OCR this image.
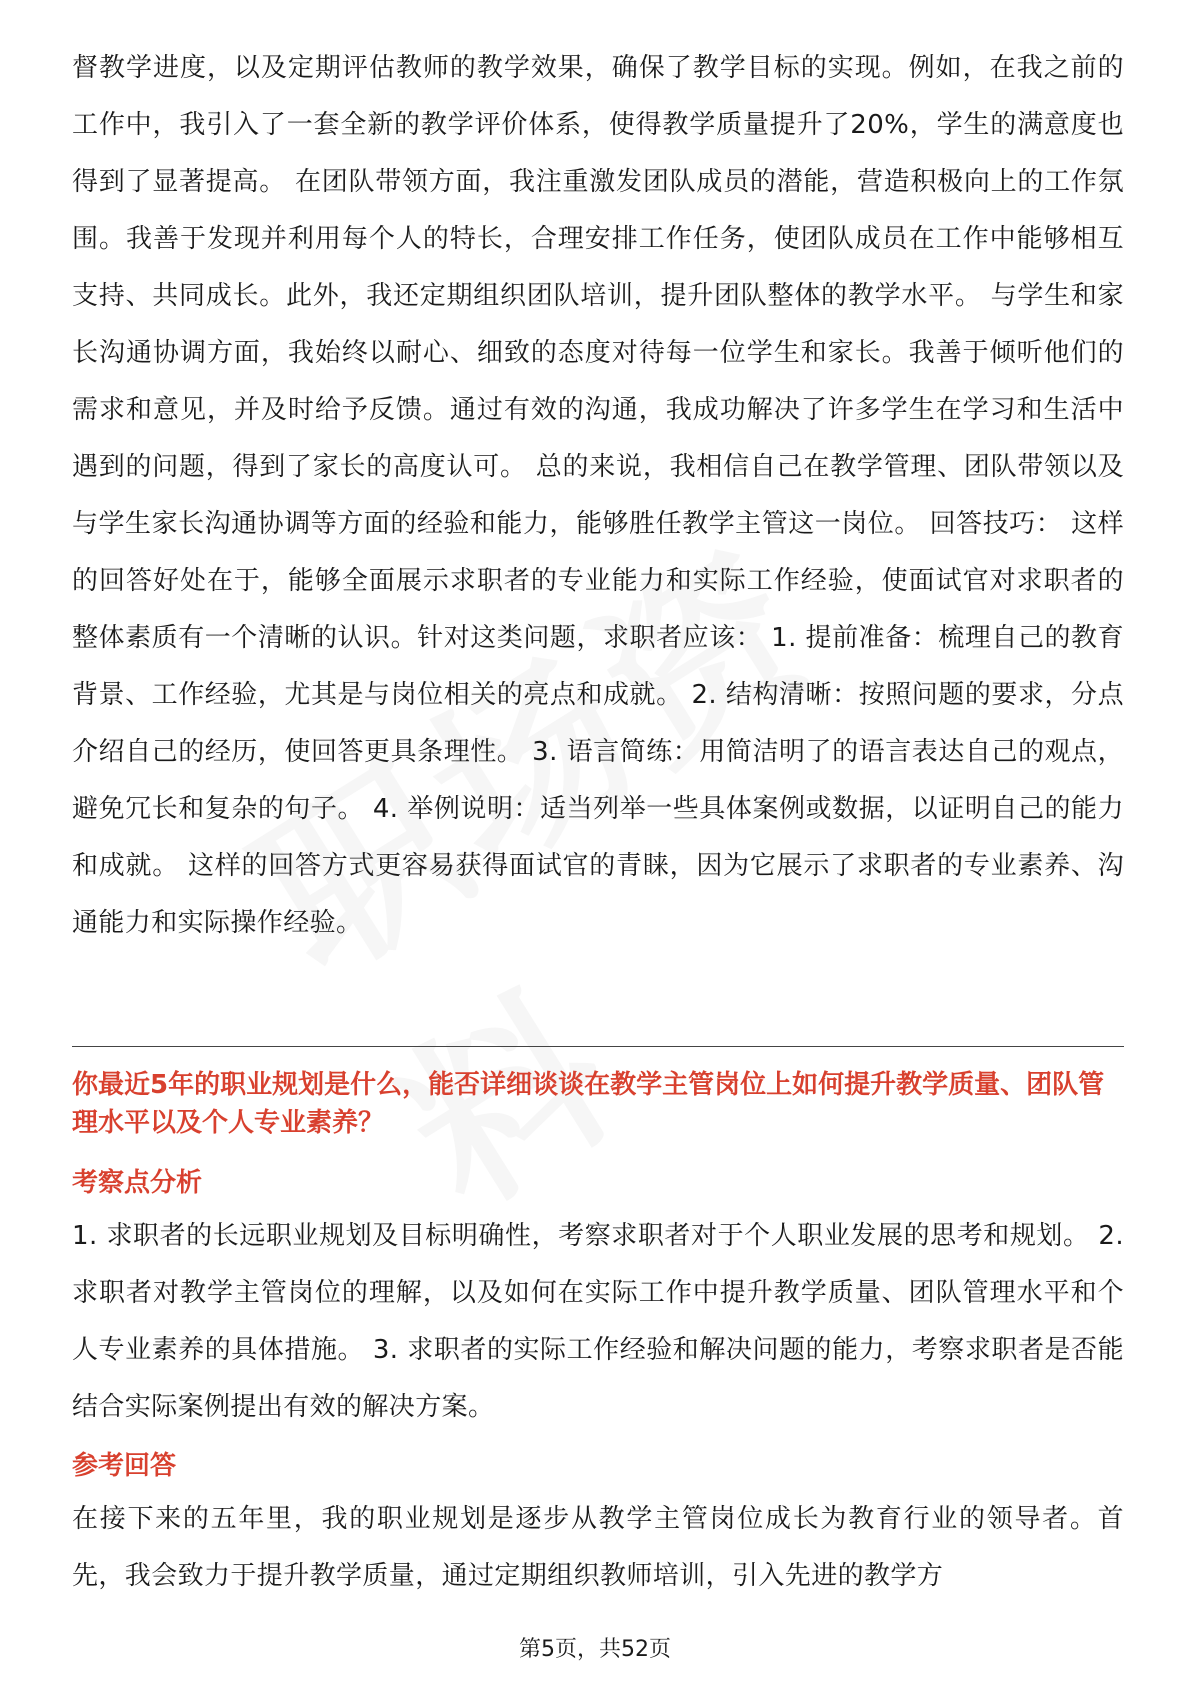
督教学进度，以及定期评估教师的教学效果，确保了教学目标的实现。例如，在我之前的工作中，我引入了一套全新的教学评价体系，使得教学质量提升了20%，学生的满意度也得到了显著提高。 在团队带领方面，我注重激发团队成员的潜能，营造积极向上的工作氛围。我善于发现并利用每个人的特长，合理安排工作任务，使团队成员在工作中能够相互支持、共同成长。此外，我还定期组织团队培训，提升团队整体的教学水平。 与学生和家长沟通协调方面，我始终以耐心、细致的态度对待每一位学生和家长。我善于倾听他们的需求和意见，并及时给予反馈。通过有效的沟通，我成功解决了许多学生在学习和生活中遇到的问题，得到了家长的高度认可。 总的来说，我相信自己在教学管理、团队带领以及与学生家长沟通协调等方面的经验和能力，能够胜任教学主管这一岗位。 回答技巧： 这样的回答好处在于，能够全面展示求职者的专业能力和实际工作经验，使面试官对求职者的整体素质有一个清晰的认识。针对这类问题，求职者应该： 1. 提前准备：梳理自己的教育背景、工作经验，尤其是与岗位相关的亮点和成就。 2. 结构清晰：按照问题的要求，分点介绍自己的经历，使回答更具条理性。 3. 语言简练：用简洁明了的语言表达自己的观点，避免冗长和复杂的句子。 4. 举例说明：适当列举一些具体案例或数据，以证明自己的能力和成就。 这样的回答方式更容易获得面试官的青睐，因为它展示了求职者的专业素养、沟通能力和实际操作经验。

你最近5年的职业规划是什么，能否详细谈谈在教学主管岗位上如何提升教学质量、团队管理水平以及个人专业素养？
考察点分析

1. 求职者的长远职业规划及目标明确性，考察求职者对于个人职业发展的思考和规划。 2. 求职者对教学主管岗位的理解，以及如何在实际工作中提升教学质量、团队管理水平和个人专业素养的具体措施。 3. 求职者的实际工作经验和解决问题的能力，考察求职者是否能结合实际案例提出有效的解决方案。

参考回答

在接下来的五年里，我的职业规划是逐步从教学主管岗位成长为教育行业的领导者。首先，我会致力于提升教学质量，通过定期组织教师培训，引入先进的教学方

第5页，共52页
